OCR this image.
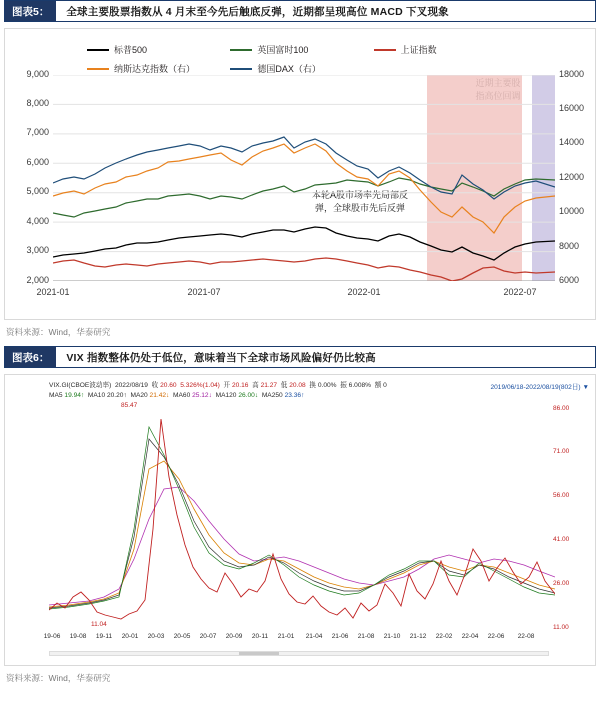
图表5：	全球主要股票指数从 4 月末至今先后触底反弹，近期都呈现高位 MACD 下叉现象
标普500	英国富时100	上证指数
纳斯达克指数（右）	德国DAX（右）
9,000
8,000
7,000
6,000
5,000
4,000
3,000
2,000
18000
16000
14000
12000
10000
8000
6000
2021-01	2021-07	2022-01	2022-07
本轮A股市场率先局部反
弹，全球股市先后反弹

资料来源：Wind，华泰研究
图表6：	VIX 指数整体仍处于低位，意味着当下全球市场风险偏好仍比较高
VIX.GI(CBOE波动率) 2022/08/19 收 20.60 5.326%(1.04) 开 20.16 高 21.27 低 20.08 换 0.00% 振 6.008% 额 0
MA5 19.94↑ MA10 20.20↑ MA20 21.42↓ MA60 25.12↓ MA120 26.00↓ MA250 23.36↑
2019/06/18-2022/08/19(802日) ▼
86.00
71.00
56.00
41.00
26.00
11.00
85.47
11.04
19-06	19-08	19-11	20-01	20-03	20-05	20-07	20-09	20-11	21-01	21-04	21-06	21-08	21-10	21-12	22-02	22-04	22-06	22-08
资料来源：Wind，华泰研究
